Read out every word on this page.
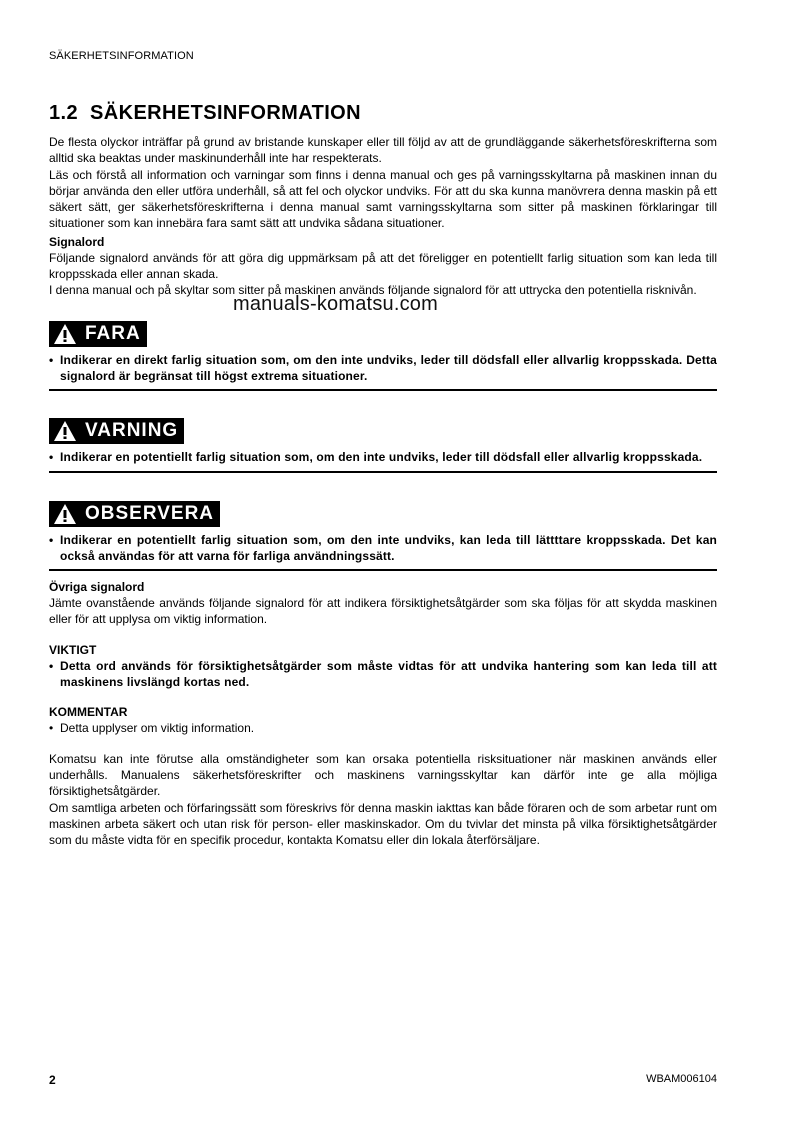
SÄKERHETSINFORMATION
1.2 SÄKERHETSINFORMATION

De flesta olyckor inträffar på grund av bristande kunskaper eller till följd av att de grundläggande säkerhetsföreskrifterna som alltid ska beaktas under maskinunderhåll inte har respekterats.

Läs och förstå all information och varningar som finns i denna manual och ges på varningsskyltarna på maskinen innan du börjar använda den eller utföra underhåll, så att fel och olyckor undviks. För att du ska kunna manövrera denna maskin på ett säkert sätt, ger säkerhetsföreskrifterna i denna manual samt varningsskyltarna som sitter på maskinen förklaringar till situationer som kan innebära fara samt sätt att undvika sådana situationer.

Signalord

Följande signalord används för att göra dig uppmärksam på att det föreligger en potentiellt farlig situation som kan leda till kroppsskada eller annan skada.

I denna manual och på skyltar som sitter på maskinen används följande signalord för att uttrycka den potentiella risknivån.

FARA
• Indikerar en direkt farlig situation som, om den inte undviks, leder till dödsfall eller allvarlig kroppsskada. Detta signalord är begränsat till högst extrema situationer.
VARNING
• Indikerar en potentiellt farlig situation som, om den inte undviks, leder till dödsfall eller allvarlig kroppsskada.
OBSERVERA
• Indikerar en potentiellt farlig situation som, om den inte undviks, kan leda till lättttare kroppsskada. Det kan också användas för att varna för farliga användningssätt.
Övriga signalord

Jämte ovanstående används följande signalord för att indikera försiktighetsåtgärder som ska följas för att skydda maskinen eller för att upplysa om viktig information.

VIKTIGT
• Detta ord används för försiktighetsåtgärder som måste vidtas för att undvika hantering som kan leda till att maskinens livslängd kortas ned.
KOMMENTAR
• Detta upplyser om viktig information.

Komatsu kan inte förutse alla omständigheter som kan orsaka potentiella risksituationer när maskinen används eller underhålls. Manualens säkerhetsföreskrifter och maskinens varningsskyltar kan därför inte ge alla möjliga försiktighetsåtgärder.

Om samtliga arbeten och förfaringssätt som föreskrivs för denna maskin iakttas kan både föraren och de som arbetar runt om maskinen arbeta säkert och utan risk för person- eller maskinskador. Om du tvivlar det minsta på vilka försiktighetsåtgärder som du måste vidta för en specifik procedur, kontakta Komatsu eller din lokala återförsäljare.

manuals-komatsu.com
2	WBAM006104
